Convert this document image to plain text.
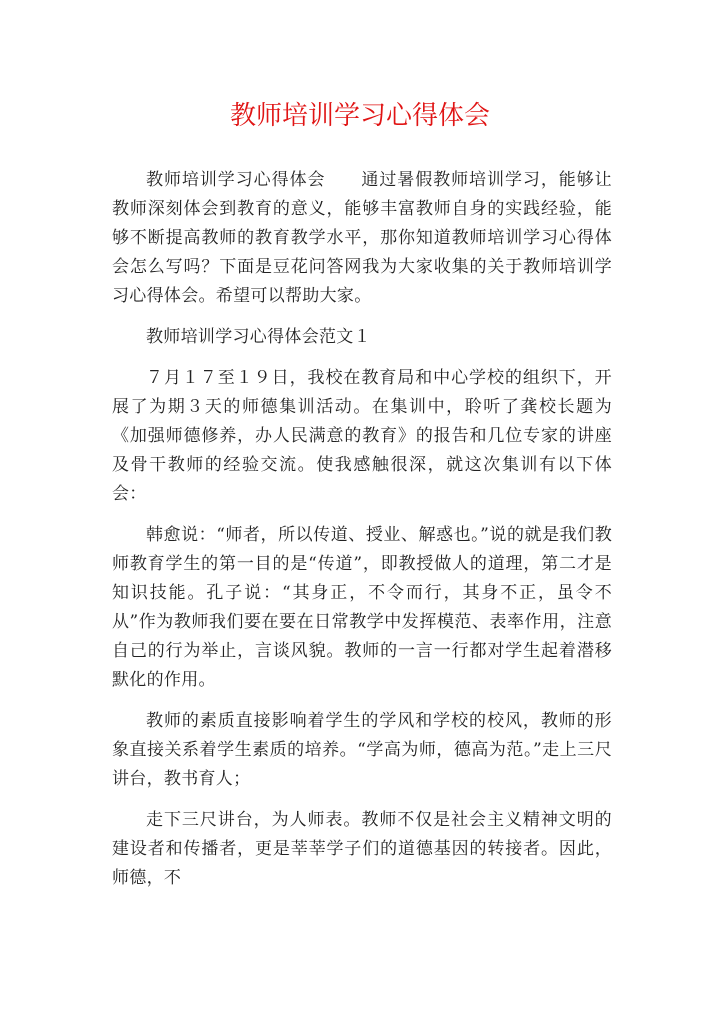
教师培训学习心得体会

教师培训学习心得体会　　通过暑假教师培训学习，能够让教师深刻体会到教育的意义，能够丰富教师自身的实践经验，能够不断提高教师的教育教学水平，那你知道教师培训学习心得体会怎么写吗？下面是豆花问答网我为大家收集的关于教师培训学习心得体会。希望可以帮助大家。

教师培训学习心得体会范文１

７月１７至１９日，我校在教育局和中心学校的组织下，开展了为期３天的师德集训活动。在集训中，聆听了龚校长题为《加强师德修养，办人民满意的教育》的报告和几位专家的讲座及骨干教师的经验交流。使我感触很深，就这次集训有以下体会：

韩愈说：“师者，所以传道、授业、解惑也。”说的就是我们教师教育学生的第一目的是“传道”，即教授做人的道理，第二才是知识技能。孔子说：“其身正，不令而行，其身不正，虽令不从”作为教师我们要在要在日常教学中发挥模范、表率作用，注意自己的行为举止，言谈风貌。教师的一言一行都对学生起着潜移默化的作用。

教师的素质直接影响着学生的学风和学校的校风，教师的形象直接关系着学生素质的培养。“学高为师，德高为范。”走上三尺讲台，教书育人；

走下三尺讲台，为人师表。教师不仅是社会主义精神文明的建设者和传播者，更是莘莘学子们的道德基因的转接者。因此，师德，不
